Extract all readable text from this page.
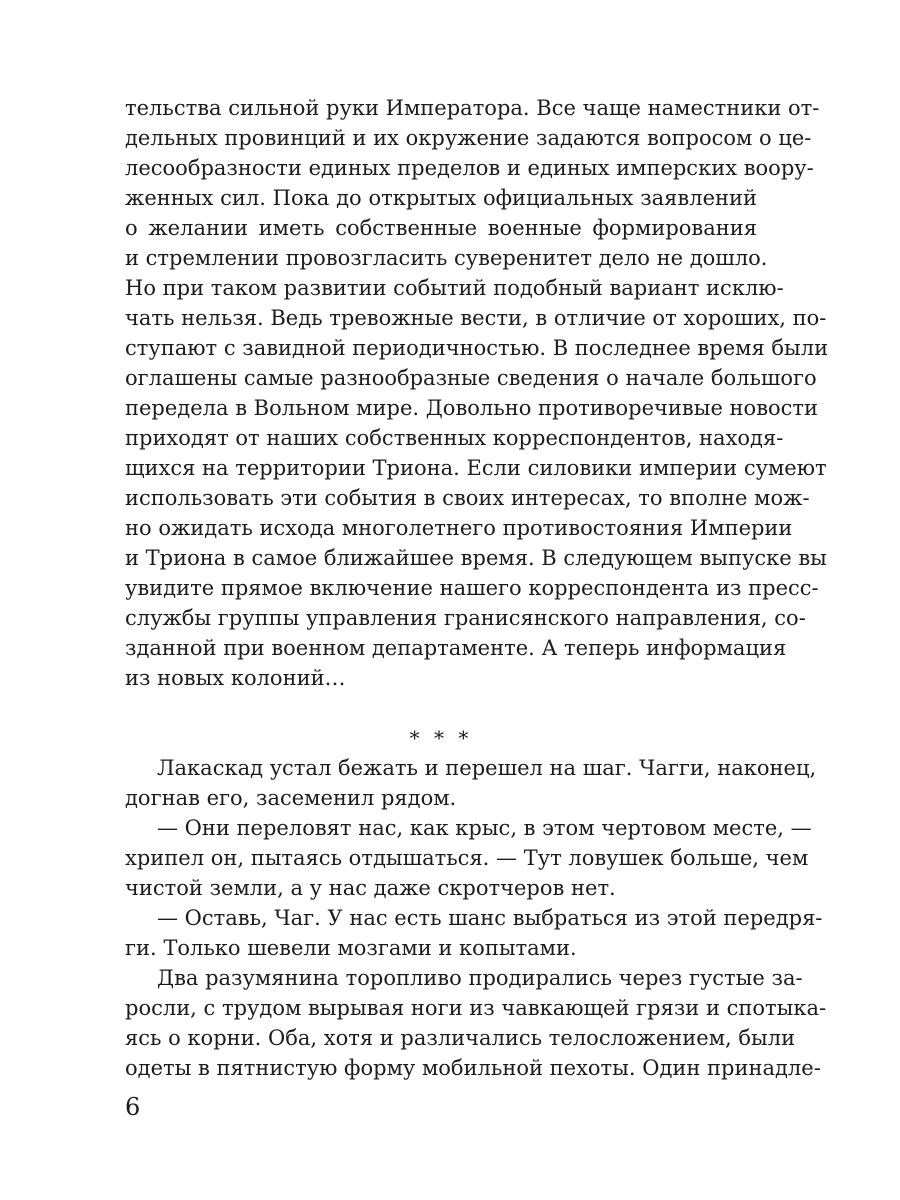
тельства сильной руки Императора. Все чаще наместники от-
дельных провинций и их окружение задаются вопросом о це-
лесообразности единых пределов и единых имперских воору-
женных сил. Пока до открытых официальных заявлений
о желании иметь собственные военные формирования
и стремлении провозгласить суверенитет дело не дошло.
Но при таком развитии событий подобный вариант исклю-
чать нельзя. Ведь тревожные вести, в отличие от хороших, по-
ступают с завидной периодичностью. В последнее время были
оглашены самые разнообразные сведения о начале большого
передела в Вольном мире. Довольно противоречивые новости
приходят от наших собственных корреспондентов, находя-
щихся на территории Триона. Если силовики империи сумеют
использовать эти события в своих интересах, то вполне мож-
но ожидать исхода многолетнего противостояния Империи
и Триона в самое ближайшее время. В следующем выпуске вы
увидите прямое включение нашего корреспондента из пресс-
службы группы управления гранисянского направления, со-
зданной при военном департаменте. А теперь информация
из новых колоний…
* * *
Лакаскад устал бежать и перешел на шаг. Чагги, наконец,
догнав его, засеменил рядом.
— Они переловят нас, как крыс, в этом чертовом месте, —
хрипел он, пытаясь отдышаться. — Тут ловушек больше, чем
чистой земли, а у нас даже скротчеров нет.
— Оставь, Чаг. У нас есть шанс выбраться из этой передря-
ги. Только шевели мозгами и копытами.
Два разумянина торопливо продирались через густые за-
росли, с трудом вырывая ноги из чавкающей грязи и спотыка-
ясь о корни. Оба, хотя и различались телосложением, были
одеты в пятнистую форму мобильной пехоты. Один принадле-
6
